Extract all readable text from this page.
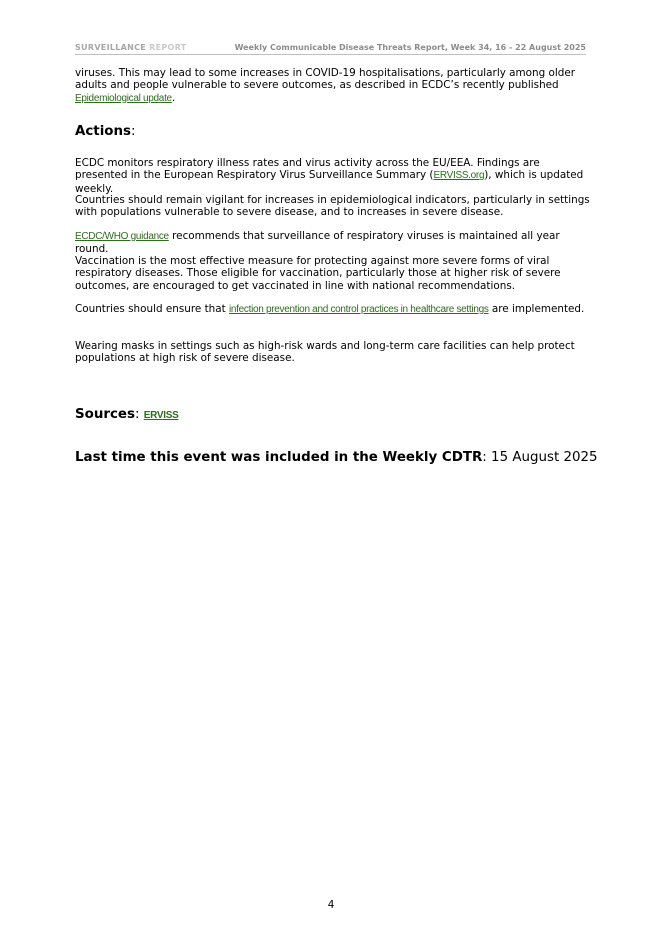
SURVEILLANCE REPORT	Weekly Communicable Disease Threats Report, Week 34, 16 - 22 August 2025

viruses. This may lead to some increases in COVID-19 hospitalisations, particularly among older adults and people vulnerable to severe outcomes, as described in ECDC’s recently published Epidemiological update.

Actions:

ECDC monitors respiratory illness rates and virus activity across the EU/EEA. Findings are presented in the European Respiratory Virus Surveillance Summary (ERVISS.org), which is updated weekly.

Countries should remain vigilant for increases in epidemiological indicators, particularly in settings with populations vulnerable to severe disease, and to increases in severe disease.

ECDC/WHO guidance recommends that surveillance of respiratory viruses is maintained all year round.

Vaccination is the most effective measure for protecting against more severe forms of viral respiratory diseases. Those eligible for vaccination, particularly those at higher risk of severe outcomes, are encouraged to get vaccinated in line with national recommendations.

Countries should ensure that infection prevention and control practices in healthcare settings are implemented.

Wearing masks in settings such as high-risk wards and long-term care facilities can help protect populations at high risk of severe disease.

Sources: ERVISS
Last time this event was included in the Weekly CDTR: 15 August 2025
4
